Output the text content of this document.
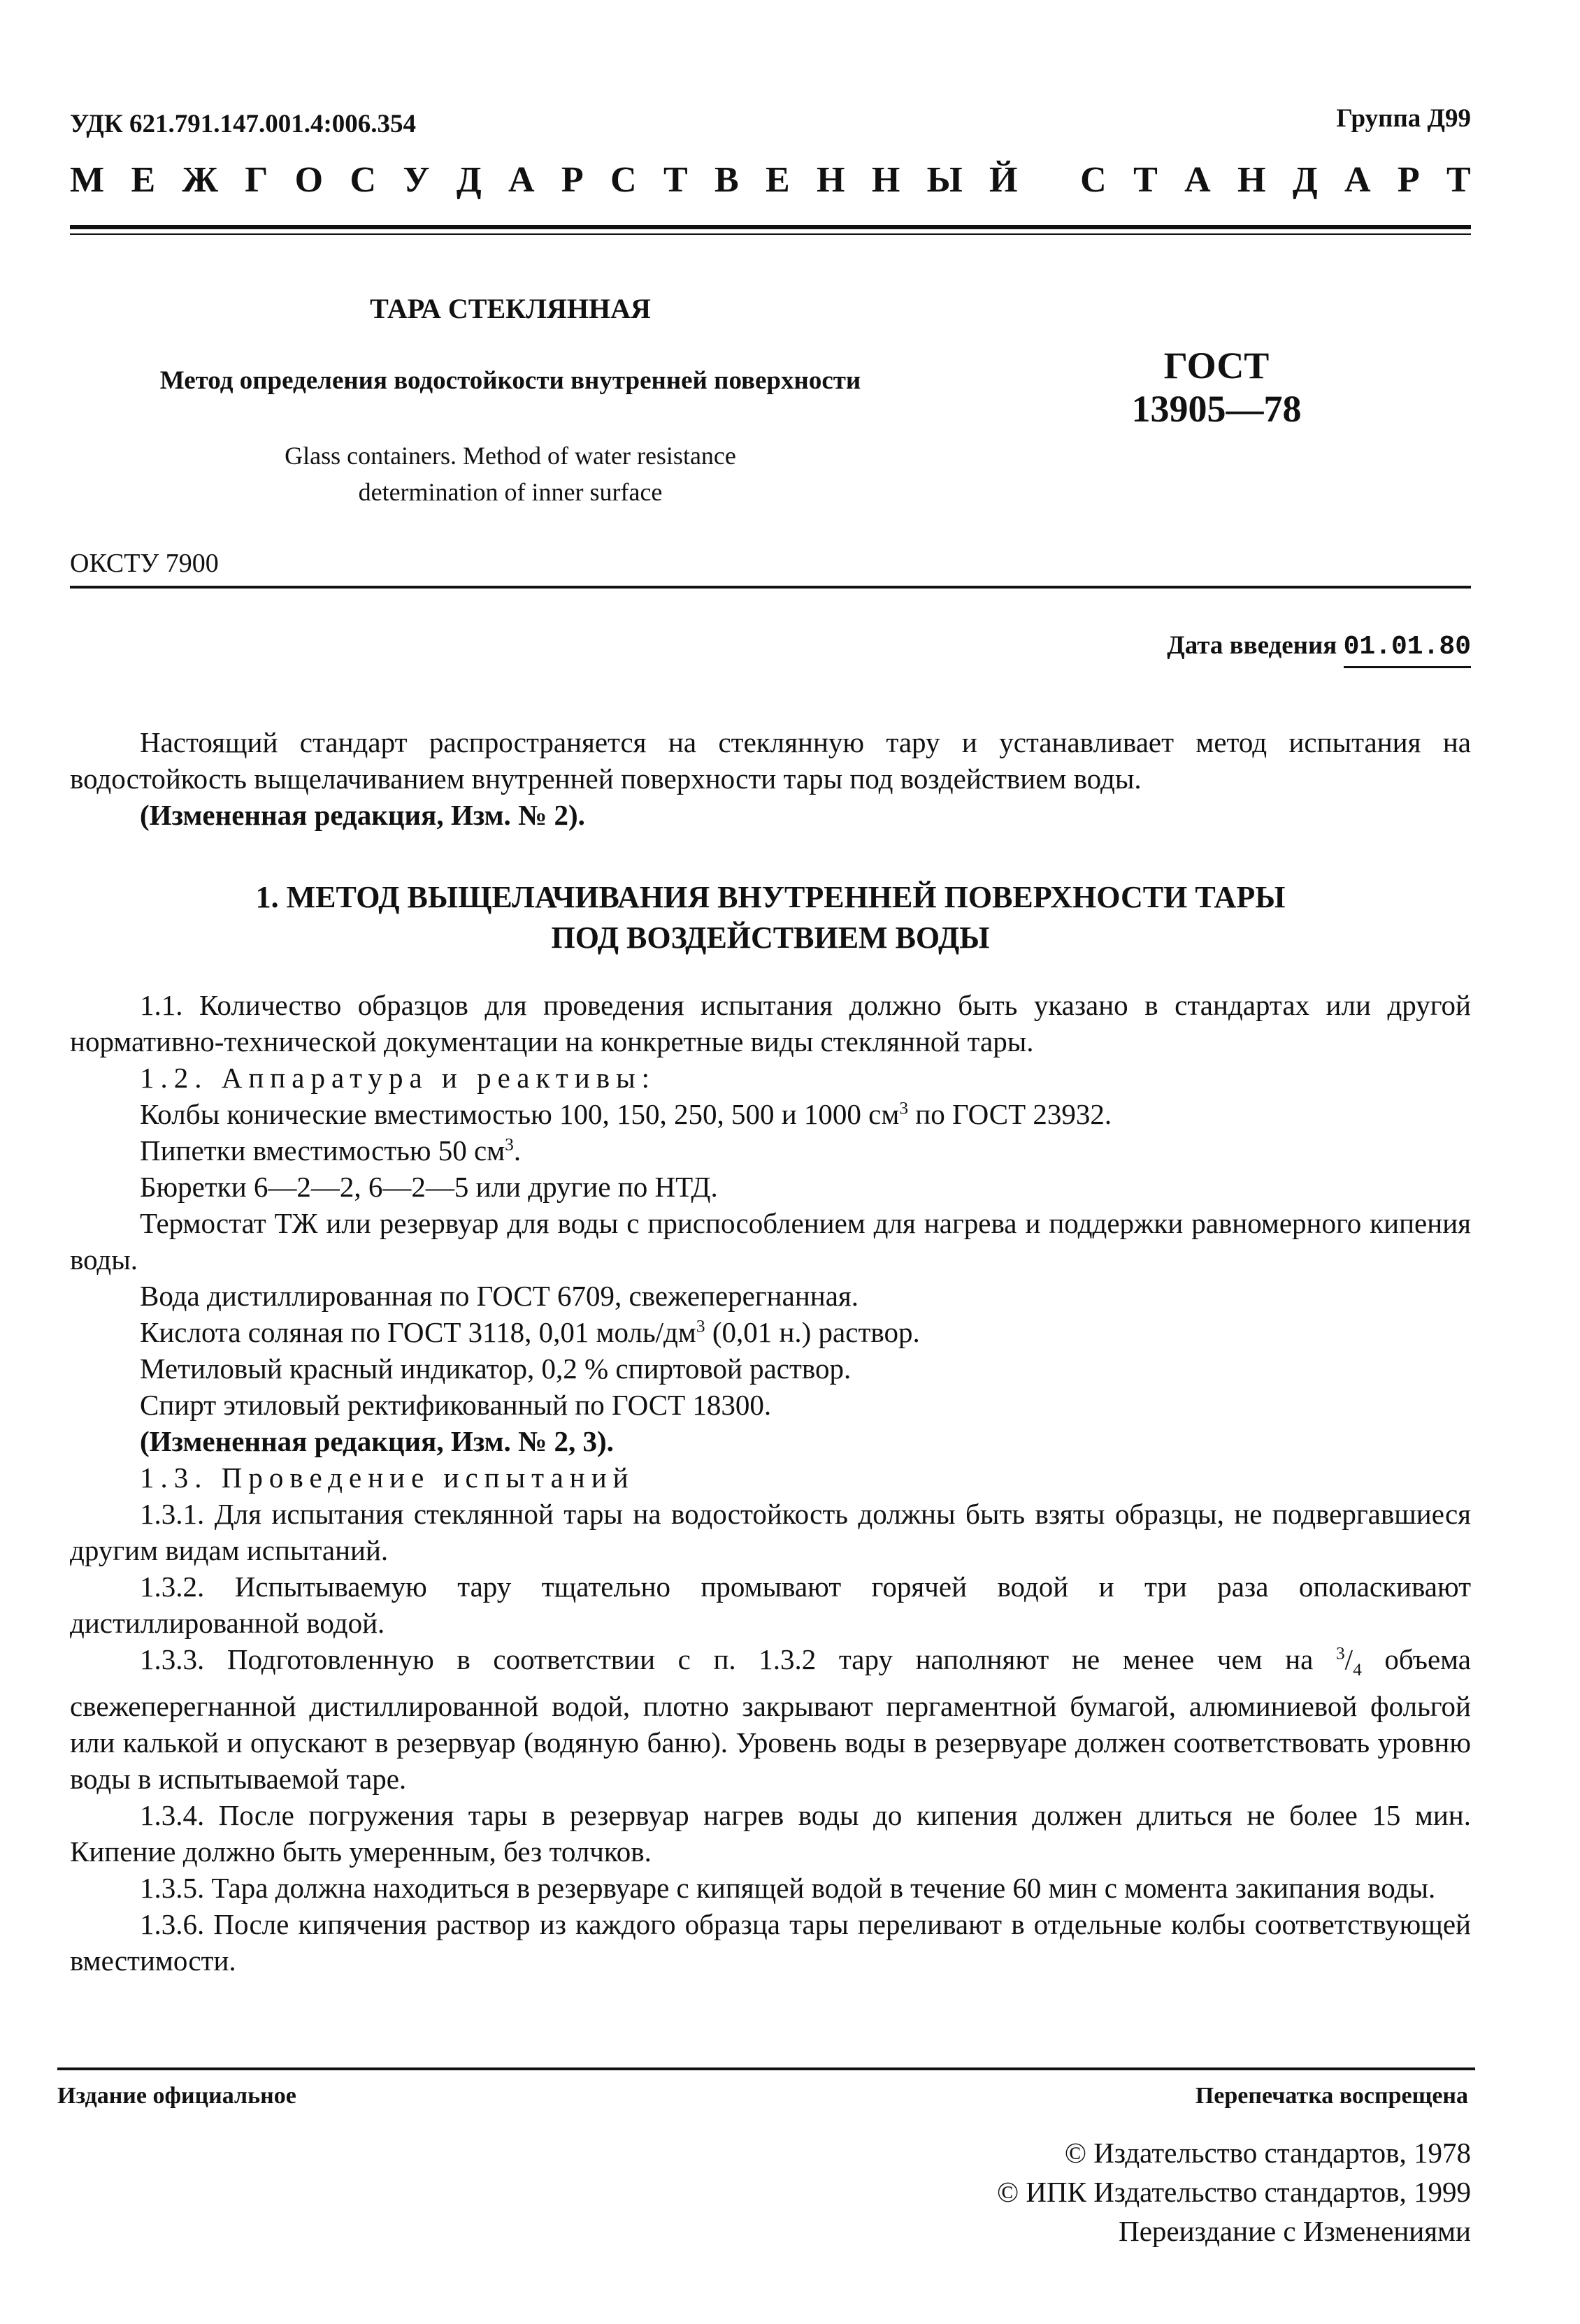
УДК 621.791.147.001.4:006.354	Группа Д99
М Е Ж Г О С У Д А Р С Т В Е Н Н Ы Й
С Т А Н Д А Р Т
ТАРА СТЕКЛЯННАЯ
Метод определения водостойкости внутренней поверхности
Glass containers. Method of water resistance
determination of inner surface
ГОСТ
13905—78
ОКСТУ 7900
Дата введения 01.01.80

Настоящий стандарт распространяется на стеклянную тару и устанавливает метод испытания на водостойкость выщелачиванием внутренней поверхности тары под воздействием воды.

(Измененная редакция, Изм. № 2).

1. МЕТОД ВЫЩЕЛАЧИВАНИЯ ВНУТРЕННЕЙ ПОВЕРХНОСТИ ТАРЫ
ПОД ВОЗДЕЙСТВИЕМ ВОДЫ

1.1. Количество образцов для проведения испытания должно быть указано в стандартах или другой нормативно-технической документации на конкретные виды стеклянной тары.

1.2. Аппаратура и реактивы:

Колбы конические вместимостью 100, 150, 250, 500 и 1000 $см^3$ по ГОСТ 23932.

Пипетки вместимостью 50 $см^3$.

Бюретки 6—2—2, 6—2—5 или другие по НТД.

Термостат ТЖ или резервуар для воды с приспособлением для нагрева и поддержки равномерного кипения воды.

Вода дистиллированная по ГОСТ 6709, свежеперегнанная.

Кислота соляная по ГОСТ 3118, 0,01 моль/$дм^3$ (0,01 н.) раствор.

Метиловый красный индикатор, 0,2 % спиртовой раствор.

Спирт этиловый ректификованный по ГОСТ 18300.

(Измененная редакция, Изм. № 2, 3).

1.3. Проведение испытаний

1.3.1. Для испытания стеклянной тары на водостойкость должны быть взяты образцы, не подвергавшиеся другим видам испытаний.

1.3.2. Испытываемую тару тщательно промывают горячей водой и три раза ополаскивают дистиллированной водой.

1.3.3. Подготовленную в соответствии с п. 1.3.2 тару наполняют не менее чем на $^3/_4$ объема свежеперегнанной дистиллированной водой, плотно закрывают пергаментной бумагой, алюминиевой фольгой или калькой и опускают в резервуар (водяную баню). Уровень воды в резервуаре должен соответствовать уровню воды в испытываемой таре.

1.3.4. После погружения тары в резервуар нагрев воды до кипения должен длиться не более 15 мин. Кипение должно быть умеренным, без толчков.

1.3.5. Тара должна находиться в резервуаре с кипящей водой в течение 60 мин с момента закипания воды.

1.3.6. После кипячения раствор из каждого образца тары переливают в отдельные колбы соответствующей вместимости.

Издание официальное	Перепечатка воспрещена
© Издательство стандартов, 1978
© ИПК Издательство стандартов, 1999
Переиздание с Изменениями
